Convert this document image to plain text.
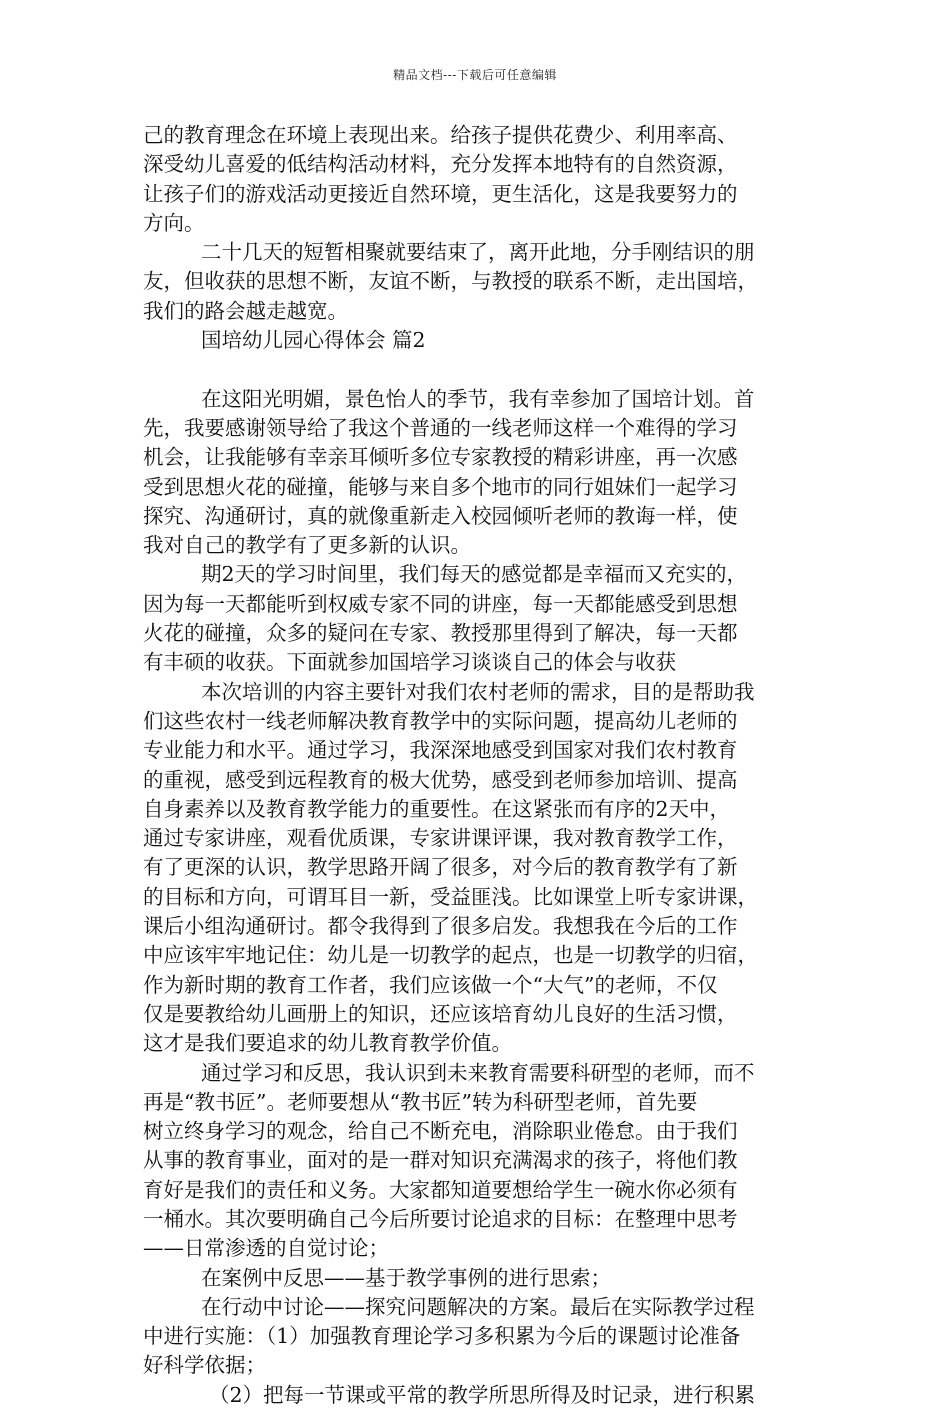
精品文档---下载后可任意编辑
己的教育理念在环境上表现出来。给孩子提供花费少、利用率高、
深受幼儿喜爱的低结构活动材料，充分发挥本地特有的自然资源，
让孩子们的游戏活动更接近自然环境，更生活化，这是我要努力的
方向。
二十几天的短暂相聚就要结束了，离开此地，分手刚结识的朋
友，但收获的思想不断，友谊不断，与教授的联系不断，走出国培，
我们的路会越走越宽。
国培幼儿园心得体会 篇2
在这阳光明媚，景色怡人的季节，我有幸参加了国培计划。首
先，我要感谢领导给了我这个普通的一线老师这样一个难得的学习
机会，让我能够有幸亲耳倾听多位专家教授的精彩讲座，再一次感
受到思想火花的碰撞，能够与来自多个地市的同行姐妹们一起学习
探究、沟通研讨，真的就像重新走入校园倾听老师的教诲一样，使
我对自己的教学有了更多新的认识。
期2天的学习时间里，我们每天的感觉都是幸福而又充实的，
因为每一天都能听到权威专家不同的讲座，每一天都能感受到思想
火花的碰撞，众多的疑问在专家、教授那里得到了解决，每一天都
有丰硕的收获。下面就参加国培学习谈谈自己的体会与收获
本次培训的内容主要针对我们农村老师的需求，目的是帮助我
们这些农村一线老师解决教育教学中的实际问题，提高幼儿老师的
专业能力和水平。通过学习，我深深地感受到国家对我们农村教育
的重视，感受到远程教育的极大优势，感受到老师参加培训、提高
自身素养以及教育教学能力的重要性。在这紧张而有序的2天中，
通过专家讲座，观看优质课，专家讲课评课，我对教育教学工作，
有了更深的认识，教学思路开阔了很多，对今后的教育教学有了新
的目标和方向，可谓耳目一新，受益匪浅。比如课堂上听专家讲课，
课后小组沟通研讨。都令我得到了很多启发。我想我在今后的工作
中应该牢牢地记住：幼儿是一切教学的起点，也是一切教学的归宿，
作为新时期的教育工作者，我们应该做一个“大气”的老师，不仅
仅是要教给幼儿画册上的知识，还应该培育幼儿良好的生活习惯，
这才是我们要追求的幼儿教育教学价值。
通过学习和反思，我认识到未来教育需要科研型的老师，而不
再是“教书匠”。老师要想从“教书匠”转为科研型老师，首先要
树立终身学习的观念，给自己不断充电，消除职业倦怠。由于我们
从事的教育事业，面对的是一群对知识充满渴求的孩子，将他们教
育好是我们的责任和义务。大家都知道要想给学生一碗水你必须有
一桶水。其次要明确自己今后所要讨论追求的目标：在整理中思考
——日常渗透的自觉讨论；
在案例中反思——基于教学事例的进行思索；
在行动中讨论——探究问题解决的方案。最后在实际教学过程
中进行实施：（1）加强教育理论学习多积累为今后的课题讨论准备
好科学依据；
（2）把每一节课或平常的教学所思所得及时记录，进行积累
